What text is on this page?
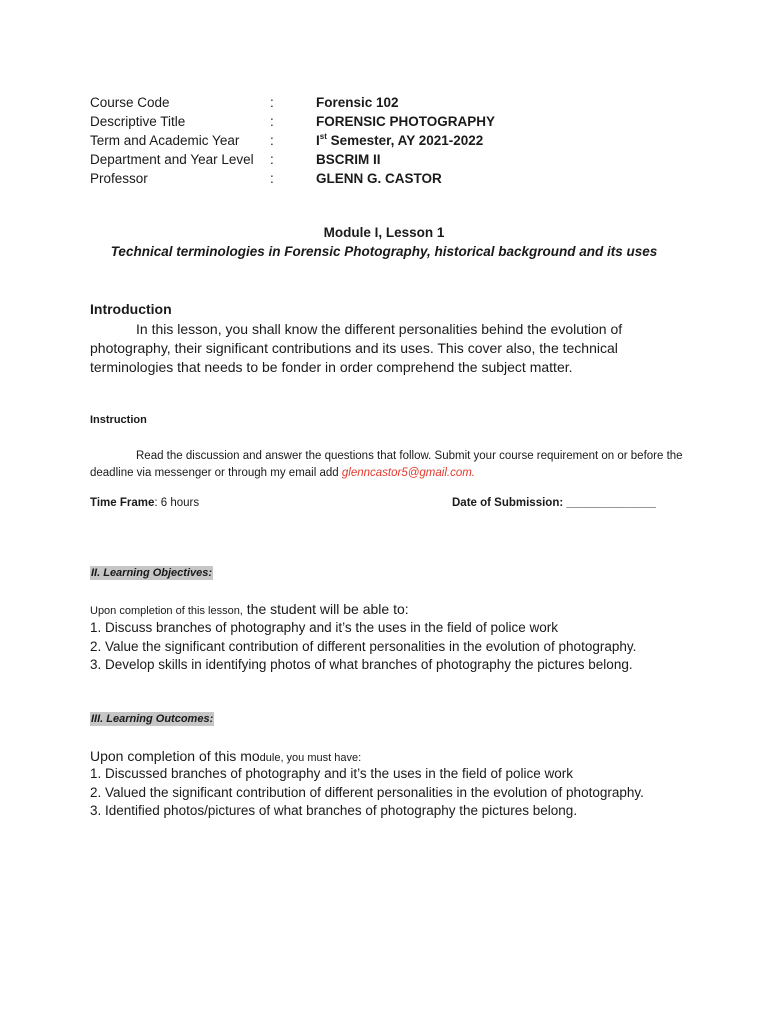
Course Code	:	Forensic 102
Descriptive Title	:	FORENSIC PHOTOGRAPHY
Term and Academic Year	:	Ist Semester, AY 2021-2022
Department and Year Level	:	BSCRIM II
Professor	:	GLENN G. CASTOR
Module I, Lesson 1
Technical terminologies in Forensic Photography, historical background and its uses
Introduction
In this lesson, you shall know the different personalities behind the evolution of photography, their significant contributions and its uses. This cover also, the technical terminologies that needs to be fonder in order comprehend the subject matter.
Instruction
Read the discussion and answer the questions that follow. Submit your course requirement on or before the deadline via messenger or through my email add glenncastor5@gmail.com.
Time Frame: 6 hours	Date of Submission: ______________
II. Learning Objectives:
Upon completion of this lesson, the student will be able to:
1. Discuss branches of photography and it’s the uses in the field of police work
2. Value the significant contribution of different personalities in the evolution of photography.
3. Develop skills in identifying photos of what branches of photography the pictures belong.
III. Learning Outcomes:
Upon completion of this module, you must have:
1. Discussed branches of photography and it’s the uses in the field of police work
2. Valued the significant contribution of different personalities in the evolution of photography.
3. Identified photos/pictures of what branches of photography the pictures belong.
